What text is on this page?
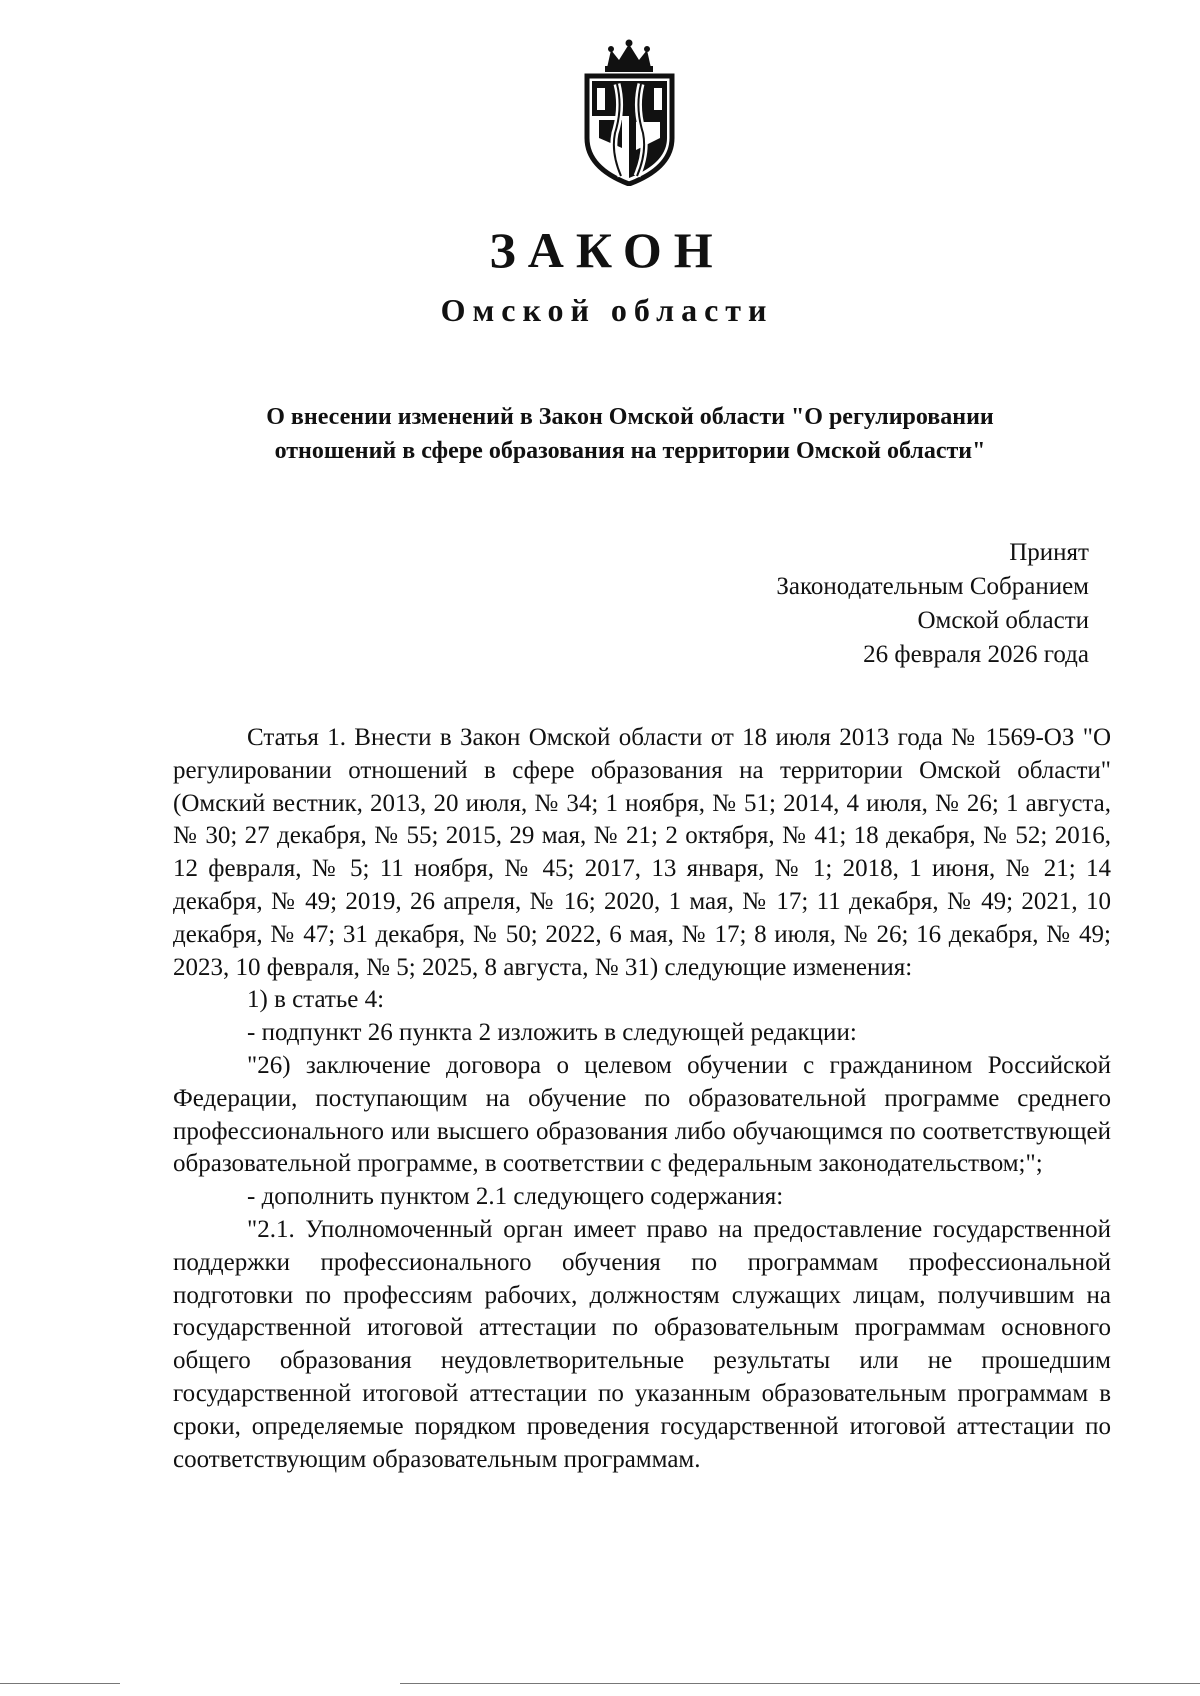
ЗАКОН
Омской области
О внесении изменений в Закон Омской области "О регулировании
отношений в сфере образования на территории Омской области"
Принят
Законодательным Собранием
Омской области
26 февраля 2026 года

Статья 1. Внести в Закон Омской области от 18 июля 2013 года № 1569-ОЗ "О регулировании отношений в сфере образования на территории Омской области" (Омский вестник, 2013, 20 июля, № 34; 1 ноября, № 51; 2014, 4 июля, № 26; 1 августа, № 30; 27 декабря, № 55; 2015, 29 мая, № 21; 2 октября, № 41; 18 декабря, № 52; 2016, 12 февраля, № 5; 11 ноября, № 45; 2017, 13 января, № 1; 2018, 1 июня, № 21; 14 декабря, № 49; 2019, 26 апреля, № 16; 2020, 1 мая, № 17; 11 декабря, № 49; 2021, 10 декабря, № 47; 31 декабря, № 50; 2022, 6 мая, № 17; 8 июля, № 26; 16 декабря, № 49; 2023, 10 февраля, № 5; 2025, 8 августа, № 31) следующие изменения:

1) в статье 4:

- подпункт 26 пункта 2 изложить в следующей редакции:

"26) заключение договора о целевом обучении с гражданином Российской Федерации, поступающим на обучение по образовательной программе среднего профессионального или высшего образования либо обучающимся по соответствующей образовательной программе, в соответствии с федеральным законодательством;";

- дополнить пунктом 2.1 следующего содержания:

"2.1. Уполномоченный орган имеет право на предоставление государственной поддержки профессионального обучения по программам профессиональной подготовки по профессиям рабочих, должностям служащих лицам, получившим на государственной итоговой аттестации по образовательным программам основного общего образования неудовлетворительные результаты или не прошедшим государственной итоговой аттестации по указанным образовательным программам в сроки, определяемые порядком проведения государственной итоговой аттестации по соответствующим образовательным программам.
